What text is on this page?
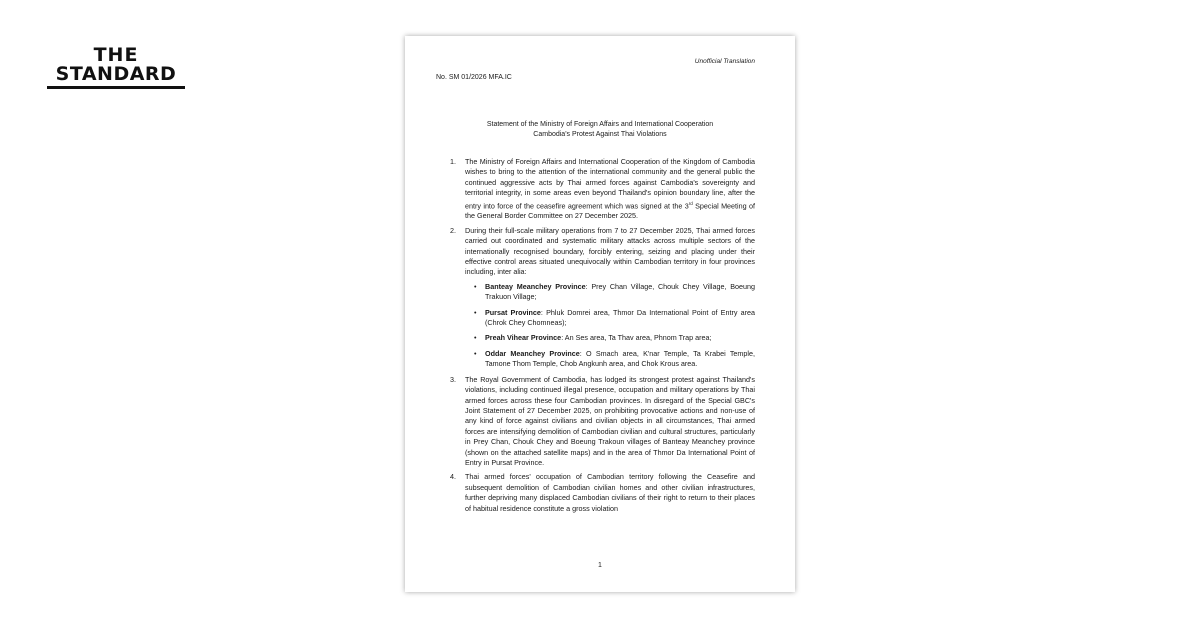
THE
STANDARD
Unofficial Translation
No. SM 01/2026 MFA.IC
Statement of the Ministry of Foreign Affairs and International Cooperation
Cambodia's Protest Against Thai Violations
1. The Ministry of Foreign Affairs and International Cooperation of the Kingdom of Cambodia wishes to bring to the attention of the international community and the general public the continued aggressive acts by Thai armed forces against Cambodia's sovereignty and territorial integrity, in some areas even beyond Thailand's opinion boundary line, after the entry into force of the ceasefire agreement which was signed at the 3rd Special Meeting of the General Border Committee on 27 December 2025.
2. During their full-scale military operations from 7 to 27 December 2025, Thai armed forces carried out coordinated and systematic military attacks across multiple sectors of the internationally recognised boundary, forcibly entering, seizing and placing under their effective control areas situated unequivocally within Cambodian territory in four provinces including, inter alia:
• Banteay Meanchey Province: Prey Chan Village, Chouk Chey Village, Boeung Trakuon Village;
• Pursat Province: Phluk Domrei area, Thmor Da International Point of Entry area (Chrok Chey Chomneas);
• Preah Vihear Province: An Ses area, Ta Thav area, Phnom Trap area;
• Oddar Meanchey Province: O Smach area, K'nar Temple, Ta Krabei Temple, Tamone Thom Temple, Chob Angkunh area, and Chok Krous area.
3. The Royal Government of Cambodia, has lodged its strongest protest against Thailand's violations, including continued illegal presence, occupation and military operations by Thai armed forces across these four Cambodian provinces. In disregard of the Special GBC's Joint Statement of 27 December 2025, on prohibiting provocative actions and non-use of any kind of force against civilians and civilian objects in all circumstances, Thai armed forces are intensifying demolition of Cambodian civilian and cultural structures, particularly in Prey Chan, Chouk Chey and Boeung Trakoun villages of Banteay Meanchey province (shown on the attached satellite maps) and in the area of Thmor Da International Point of Entry in Pursat Province.
4. Thai armed forces' occupation of Cambodian territory following the Ceasefire and subsequent demolition of Cambodian civilian homes and other civilian infrastructures, further depriving many displaced Cambodian civilians of their right to return to their places of habitual residence constitute a gross violation
1
